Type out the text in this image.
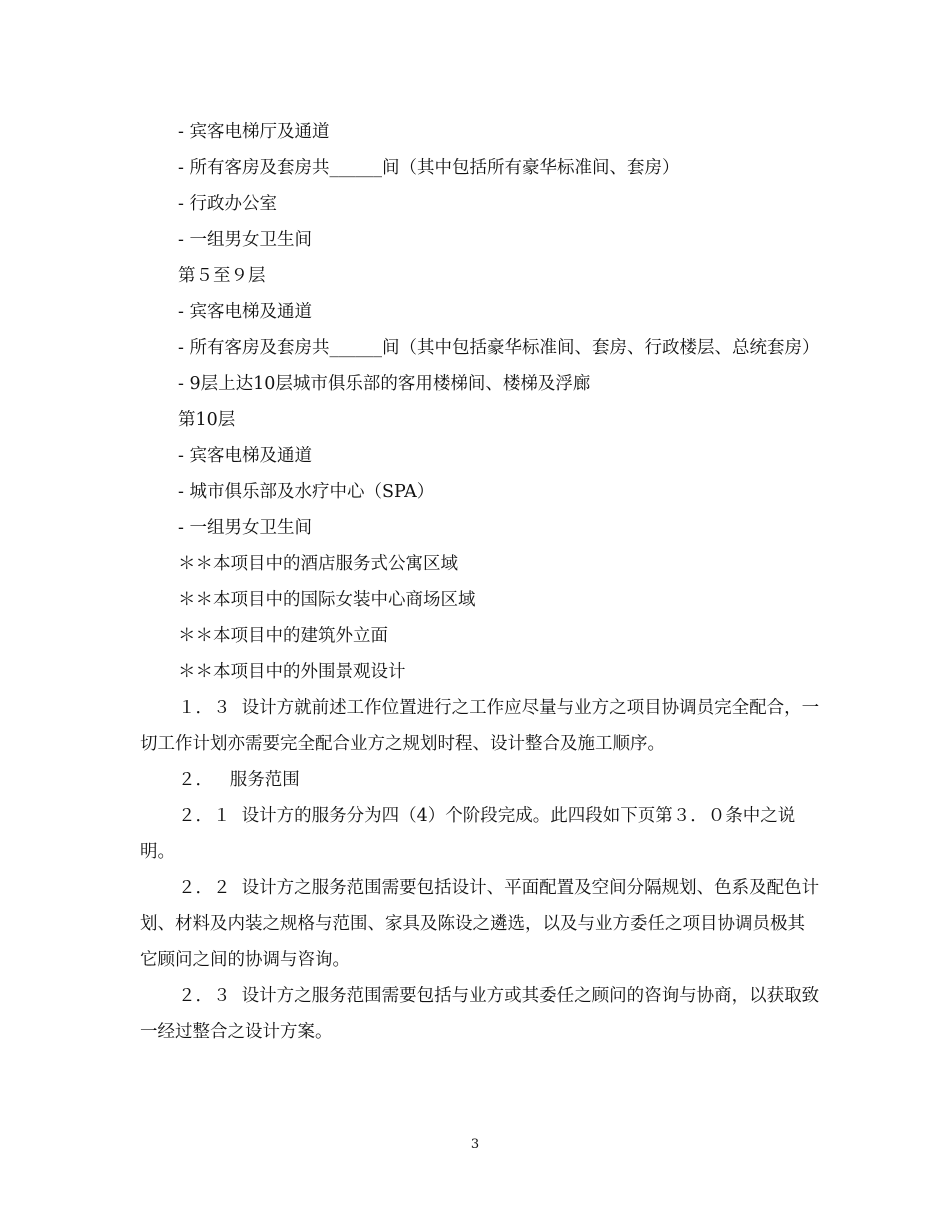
- 宾客电梯厅及通道

- 所有客房及套房共______间（其中包括所有豪华标准间、套房）

- 行政办公室

- 一组男女卫生间

第５至９层

- 宾客电梯及通道

- 所有客房及套房共______间（其中包括豪华标准间、套房、行政楼层、总统套房）

- 9层上达10层城市俱乐部的客用楼梯间、楼梯及浮廊

第10层

- 宾客电梯及通道

- 城市俱乐部及水疗中心（SPA）

- 一组男女卫生间

＊＊本项目中的酒店服务式公寓区域

＊＊本项目中的国际女装中心商场区域

＊＊本项目中的建筑外立面

＊＊本项目中的外围景观设计

１．３  设计方就前述工作位置进行之工作应尽量与业方之项目协调员完全配合，一切工作计划亦需要完全配合业方之规划时程、设计整合及施工顺序。

２．   服务范围

２．１  设计方的服务分为四（4）个阶段完成。此四段如下页第３．０条中之说明。

２．２  设计方之服务范围需要包括设计、平面配置及空间分隔规划、色系及配色计划、材料及内装之规格与范围、家具及陈设之遴选，以及与业方委任之项目协调员极其它顾问之间的协调与咨询。

２．３  设计方之服务范围需要包括与业方或其委任之顾问的咨询与协商，以获取致一经过整合之设计方案。

3
